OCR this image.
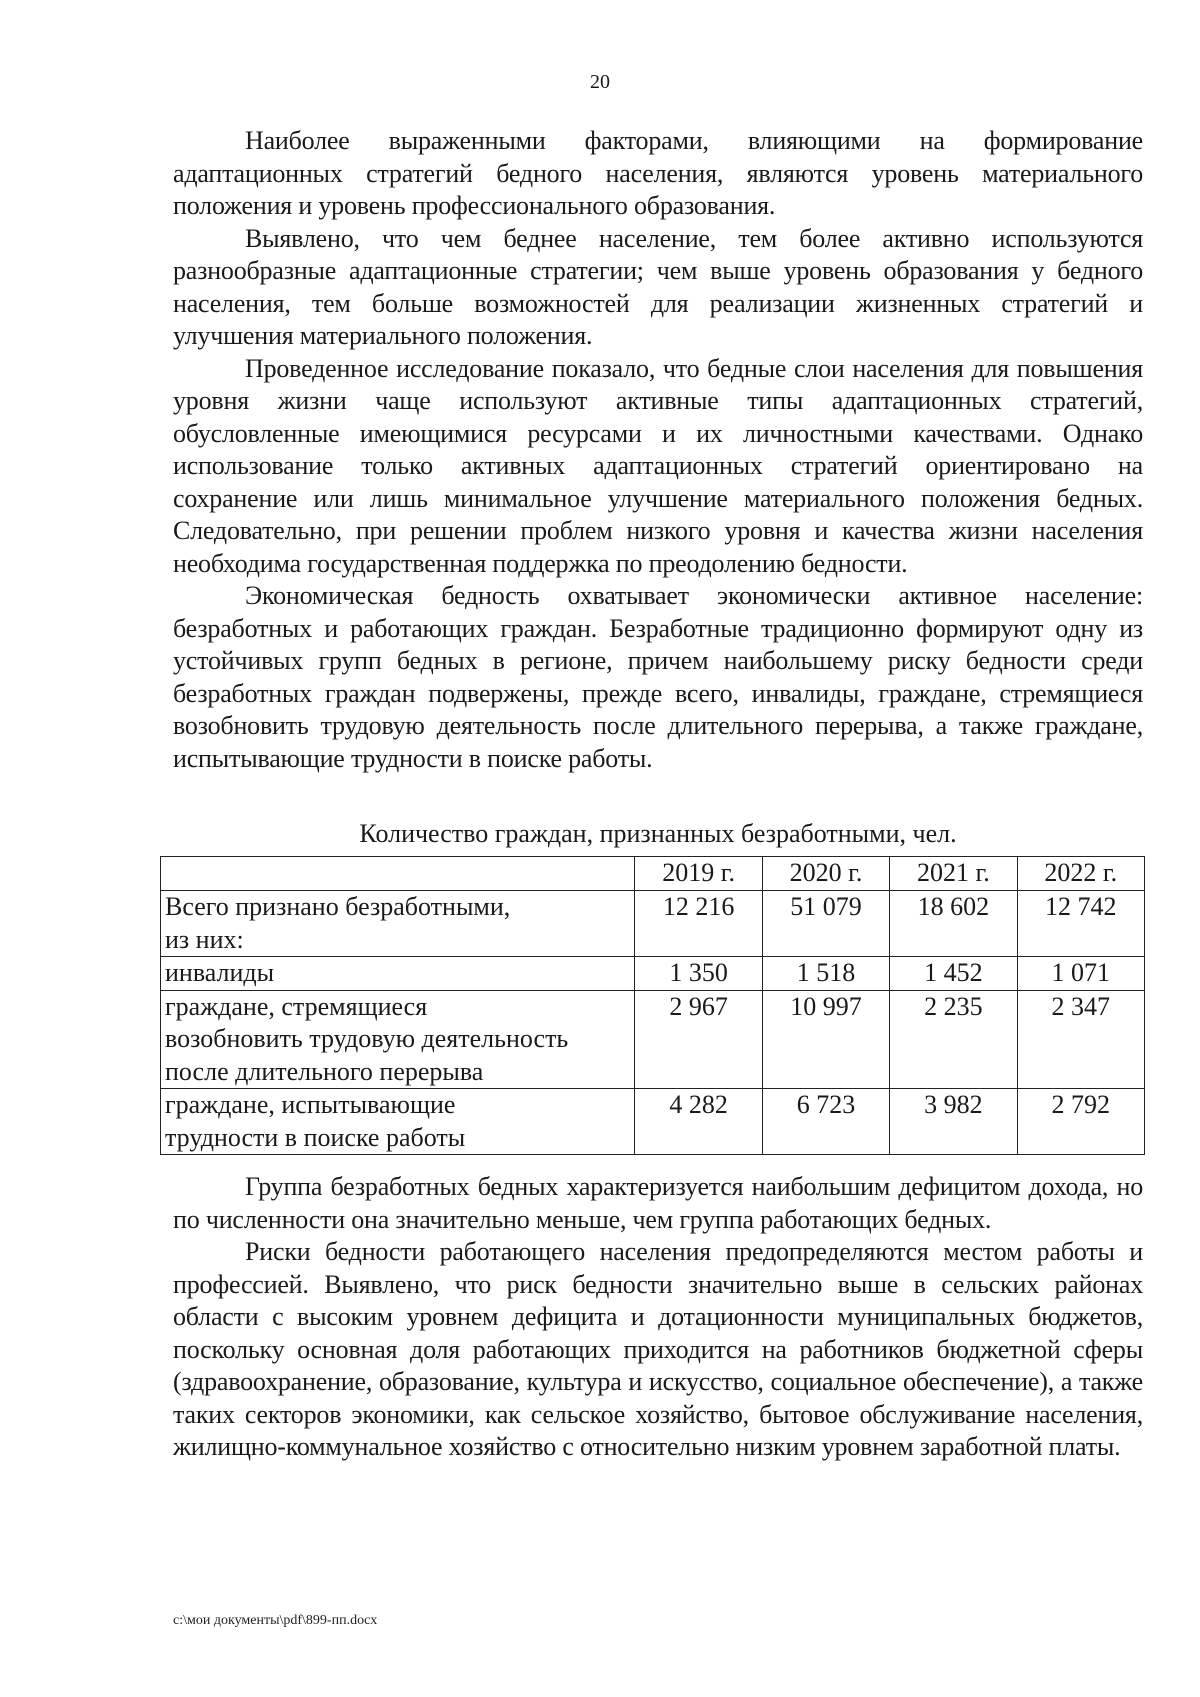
20

Наиболее выраженными факторами, влияющими на формирование адаптационных стратегий бедного населения, являются уровень материального положения и уровень профессионального образования.

Выявлено, что чем беднее население, тем более активно используются разнообразные адаптационные стратегии; чем выше уровень образования у бедного населения, тем больше возможностей для реализации жизненных стратегий и улучшения материального положения.

Проведенное исследование показало, что бедные слои населения для повышения уровня жизни чаще используют активные типы адаптационных стратегий, обусловленные имеющимися ресурсами и их личностными качествами. Однако использование только активных адаптационных стратегий ориентировано на сохранение или лишь минимальное улучшение материального положения бедных. Следовательно, при решении проблем низкого уровня и качества жизни населения необходима государственная поддержка по преодолению бедности.

Экономическая бедность охватывает экономически активное население: безработных и работающих граждан. Безработные традиционно формируют одну из устойчивых групп бедных в регионе, причем наибольшему риску бедности среди безработных граждан подвержены, прежде всего, инвалиды, граждане, стремящиеся возобновить трудовую деятельность после длительного перерыва, а также граждане, испытывающие трудности в поиске работы.

Количество граждан, признанных безработными, чел.
	2019 г.	2020 г.	2021 г.	2022 г.
Всего признано безработными,
из них:	12 216	51 079	18 602	12 742
инвалиды	1 350	1 518	1 452	1 071
граждане, стремящиеся
возобновить трудовую деятельность
после длительного перерыва	2 967	10 997	2 235	2 347
граждане, испытывающие
трудности в поиске работы	4 282	6 723	3 982	2 792

Группа безработных бедных характеризуется наибольшим дефицитом дохода, но по численности она значительно меньше, чем группа работающих бедных.

Риски бедности работающего населения предопределяются местом работы и профессией. Выявлено, что риск бедности значительно выше в сельских районах области с высоким уровнем дефицита и дотационности муниципальных бюджетов, поскольку основная доля работающих приходится на работников бюджетной сферы (здравоохранение, образование, культура и искусство, социальное обеспечение), а также таких секторов экономики, как сельское хозяйство, бытовое обслуживание населения, жилищно-коммунальное хозяйство с относительно низким уровнем заработной платы.

c:\мои документы\pdf\899-пп.docx
